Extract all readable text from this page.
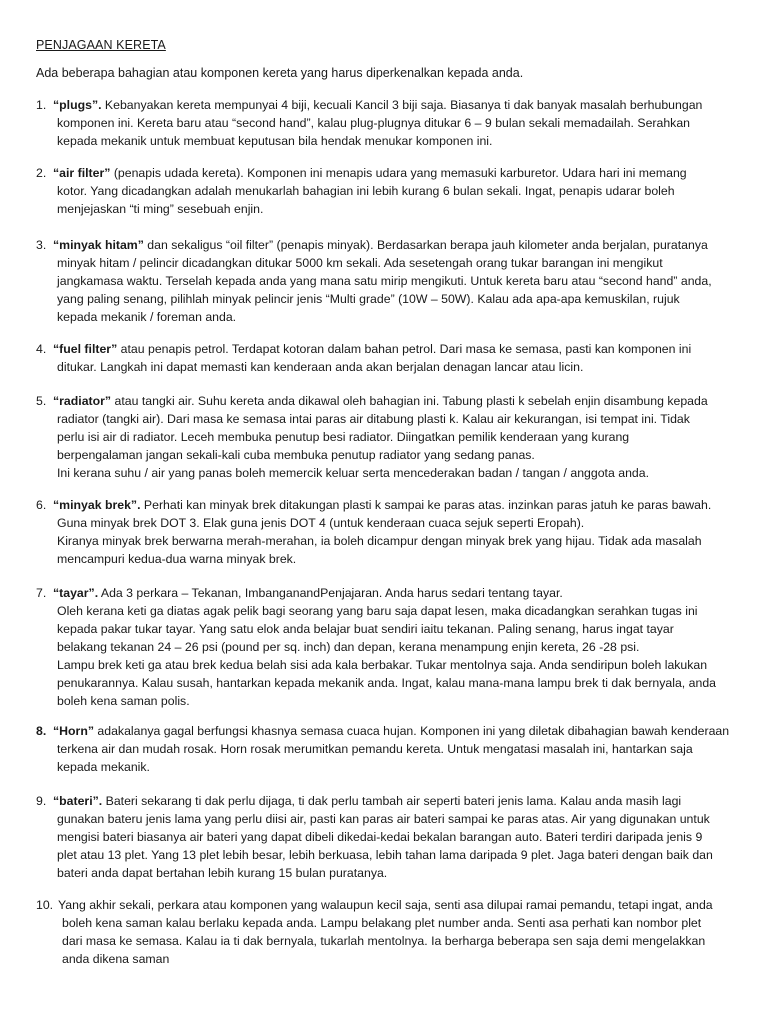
PENJAGAAN KERETA
Ada beberapa bahagian atau komponen kereta yang harus diperkenalkan kepada anda.
1. “plugs”. Kebanyakan kereta mempunyai 4 biji, kecuali Kancil 3 biji saja. Biasanya ti dak banyak masalah berhubungan
komponen ini. Kereta baru atau “second hand”, kalau plug-plugnya ditukar 6 – 9 bulan sekali memadailah. Serahkan
kepada mekanik untuk membuat keputusan bila hendak menukar komponen ini.
2. “air filter” (penapis udada kereta). Komponen ini menapis udara yang memasuki karburetor. Udara hari ini memang
kotor. Yang dicadangkan adalah menukarlah bahagian ini lebih kurang 6 bulan sekali. Ingat, penapis udarar boleh
menjejaskan “ti ming” sesebuah enjin.
3. “minyak hitam” dan sekaligus “oil filter” (penapis minyak). Berdasarkan berapa jauh kilometer anda berjalan, puratanya
minyak hitam / pelincir dicadangkan ditukar 5000 km sekali. Ada sesetengah orang tukar barangan ini mengikut
jangkamasa waktu. Terselah kepada anda yang mana satu mirip mengikuti. Untuk kereta baru atau “second hand” anda,
yang paling senang, pilihlah minyak pelincir jenis “Multi grade” (10W – 50W). Kalau ada apa-apa kemuskilan, rujuk
kepada mekanik / foreman anda.
4. “fuel filter” atau penapis petrol. Terdapat kotoran dalam bahan petrol. Dari masa ke semasa, pasti kan komponen ini
ditukar. Langkah ini dapat memasti kan kenderaan anda akan berjalan denagan lancar atau licin.
5. “radiator” atau tangki air. Suhu kereta anda dikawal oleh bahagian ini. Tabung plasti k sebelah enjin disambung kepada
radiator (tangki air). Dari masa ke semasa intai paras air ditabung plasti k. Kalau air kekurangan, isi tempat ini. Tidak
perlu isi air di radiator. Leceh membuka penutup besi radiator. Diingatkan pemilik kenderaan yang kurang
berpengalaman jangan sekali-kali cuba membuka penutup radiator yang sedang panas.
Ini kerana suhu / air yang panas boleh memercik keluar serta mencederakan badan / tangan / anggota anda.
6. “minyak brek”. Perhati kan minyak brek ditakungan plasti k sampai ke paras atas. inzinkan paras jatuh ke paras bawah.
Guna minyak brek DOT 3. Elak guna jenis DOT 4 (untuk kenderaan cuaca sejuk seperti Eropah).
Kiranya minyak brek berwarna merah-merahan, ia boleh dicampur dengan minyak brek yang hijau. Tidak ada masalah
mencampuri kedua-dua warna minyak brek.
7. “tayar”. Ada 3 perkara – Tekanan, ImbanganandPenjajaran. Anda harus sedari tentang tayar.
Oleh kerana keti ga diatas agak pelik bagi seorang yang baru saja dapat lesen, maka dicadangkan serahkan tugas ini
kepada pakar tukar tayar. Yang satu elok anda belajar buat sendiri iaitu tekanan. Paling senang, harus ingat tayar
belakang tekanan 24 – 26 psi (pound per sq. inch) dan depan, kerana menampung enjin kereta, 26 -28 psi.
Lampu brek keti ga atau brek kedua belah sisi ada kala berbakar. Tukar mentolnya saja. Anda sendiripun boleh lakukan
penukarannya. Kalau susah, hantarkan kepada mekanik anda. Ingat, kalau mana-mana lampu brek ti dak bernyala, anda
boleh kena saman polis.
8. “Horn” adakalanya gagal berfungsi khasnya semasa cuaca hujan. Komponen ini yang diletak dibahagian bawah kenderaan
terkena air dan mudah rosak. Horn rosak merumitkan pemandu kereta. Untuk mengatasi masalah ini, hantarkan saja
kepada mekanik.
9. “bateri”. Bateri sekarang ti dak perlu dijaga, ti dak perlu tambah air seperti bateri jenis lama. Kalau anda masih lagi
gunakan bateru jenis lama yang perlu diisi air, pasti kan paras air bateri sampai ke paras atas. Air yang digunakan untuk
mengisi bateri biasanya air bateri yang dapat dibeli dikedai-kedai bekalan barangan auto. Bateri terdiri daripada jenis 9
plet atau 13 plet. Yang 13 plet lebih besar, lebih berkuasa, lebih tahan lama daripada 9 plet. Jaga bateri dengan baik dan
bateri anda dapat bertahan lebih kurang 15 bulan puratanya.
10. Yang akhir sekali, perkara atau komponen yang walaupun kecil saja, senti asa dilupai ramai pemandu, tetapi ingat, anda
boleh kena saman kalau berlaku kepada anda. Lampu belakang plet number anda. Senti asa perhati kan nombor plet
dari masa ke semasa. Kalau ia ti dak bernyala, tukarlah mentolnya. Ia berharga beberapa sen saja demi mengelakkan
anda dikena saman
